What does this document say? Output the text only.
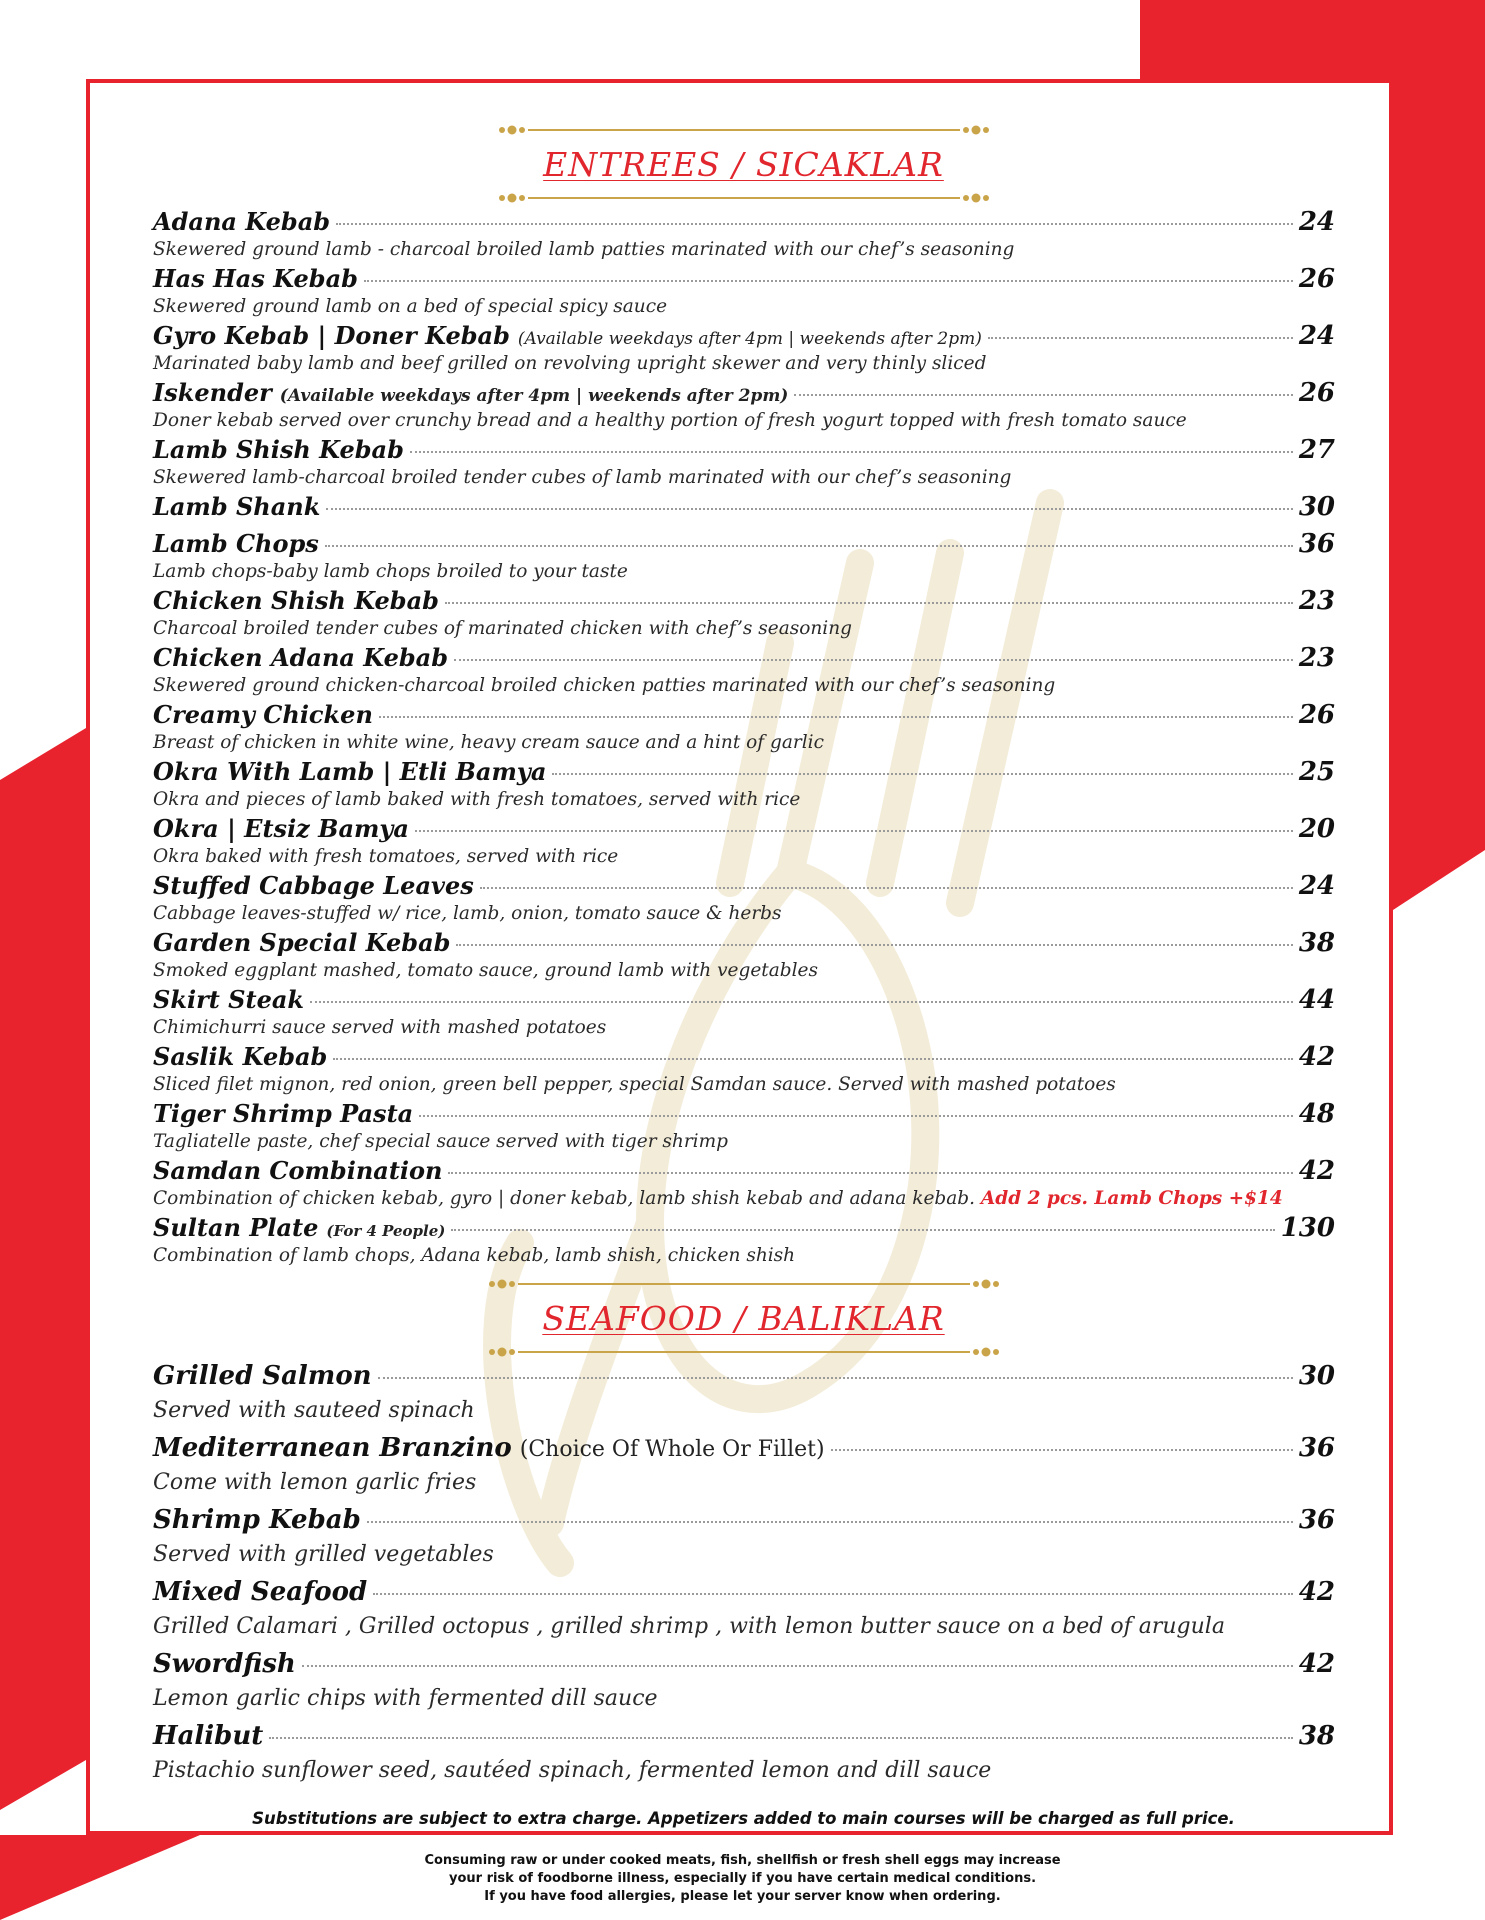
ENTREES / SICAKLAR
Adana Kebab	24
Skewered ground lamb - charcoal broiled lamb patties marinated with our chef’s seasoning
Has Has Kebab	26
Skewered ground lamb on a bed of special spicy sauce
Gyro Kebab | Doner Kebab (Available weekdays after 4pm | weekends after 2pm)	24
Marinated baby lamb and beef grilled on revolving upright skewer and very thinly sliced
Iskender (Available weekdays after 4pm | weekends after 2pm)	26
Doner kebab served over crunchy bread and a healthy portion of fresh yogurt topped with fresh tomato sauce
Lamb Shish Kebab	27
Skewered lamb-charcoal broiled tender cubes of lamb marinated with our chef’s seasoning
Lamb Shank	30
Lamb Chops	36
Lamb chops-baby lamb chops broiled to your taste
Chicken Shish Kebab	23
Charcoal broiled tender cubes of marinated chicken with chef’s seasoning
Chicken Adana Kebab	23
Skewered ground chicken-charcoal broiled chicken patties marinated with our chef’s seasoning
Creamy Chicken	26
Breast of chicken in white wine, heavy cream sauce and a hint of garlic
Okra With Lamb | Etli Bamya	25
Okra and pieces of lamb baked with fresh tomatoes, served with rice
Okra | Etsiz Bamya	20
Okra baked with fresh tomatoes, served with rice
Stuffed Cabbage Leaves	24
Cabbage leaves-stuffed w/ rice, lamb, onion, tomato sauce & herbs
Garden Special Kebab	38
Smoked eggplant mashed, tomato sauce, ground lamb with vegetables
Skirt Steak	44
Chimichurri sauce served with mashed potatoes
Saslik Kebab	42
Sliced filet mignon, red onion, green bell pepper, special Samdan sauce. Served with mashed potatoes
Tiger Shrimp Pasta	48
Tagliatelle paste, chef special sauce served with tiger shrimp
Samdan Combination	42
Combination of chicken kebab, gyro | doner kebab, lamb shish kebab and adana kebab. Add 2 pcs. Lamb Chops +$14
Sultan Plate (For 4 People)	130
Combination of lamb chops, Adana kebab, lamb shish, chicken shish
SEAFOOD / BALIKLAR
Grilled Salmon	30
Served with sauteed spinach
Mediterranean Branzino (Choice Of Whole Or Fillet)	36
Come with lemon garlic fries
Shrimp Kebab	36
Served with grilled vegetables
Mixed Seafood	42
Grilled Calamari , Grilled octopus , grilled shrimp , with lemon butter sauce on a bed of arugula
Swordfish	42
Lemon garlic chips with fermented dill sauce
Halibut	38
Pistachio sunflower seed, sautéed spinach, fermented lemon and dill sauce
Substitutions are subject to extra charge. Appetizers added to main courses will be charged as full price.
Consuming raw or under cooked meats, fish, shellfish or fresh shell eggs may increase
your risk of foodborne illness, especially if you have certain medical conditions.
If you have food allergies, please let your server know when ordering.
